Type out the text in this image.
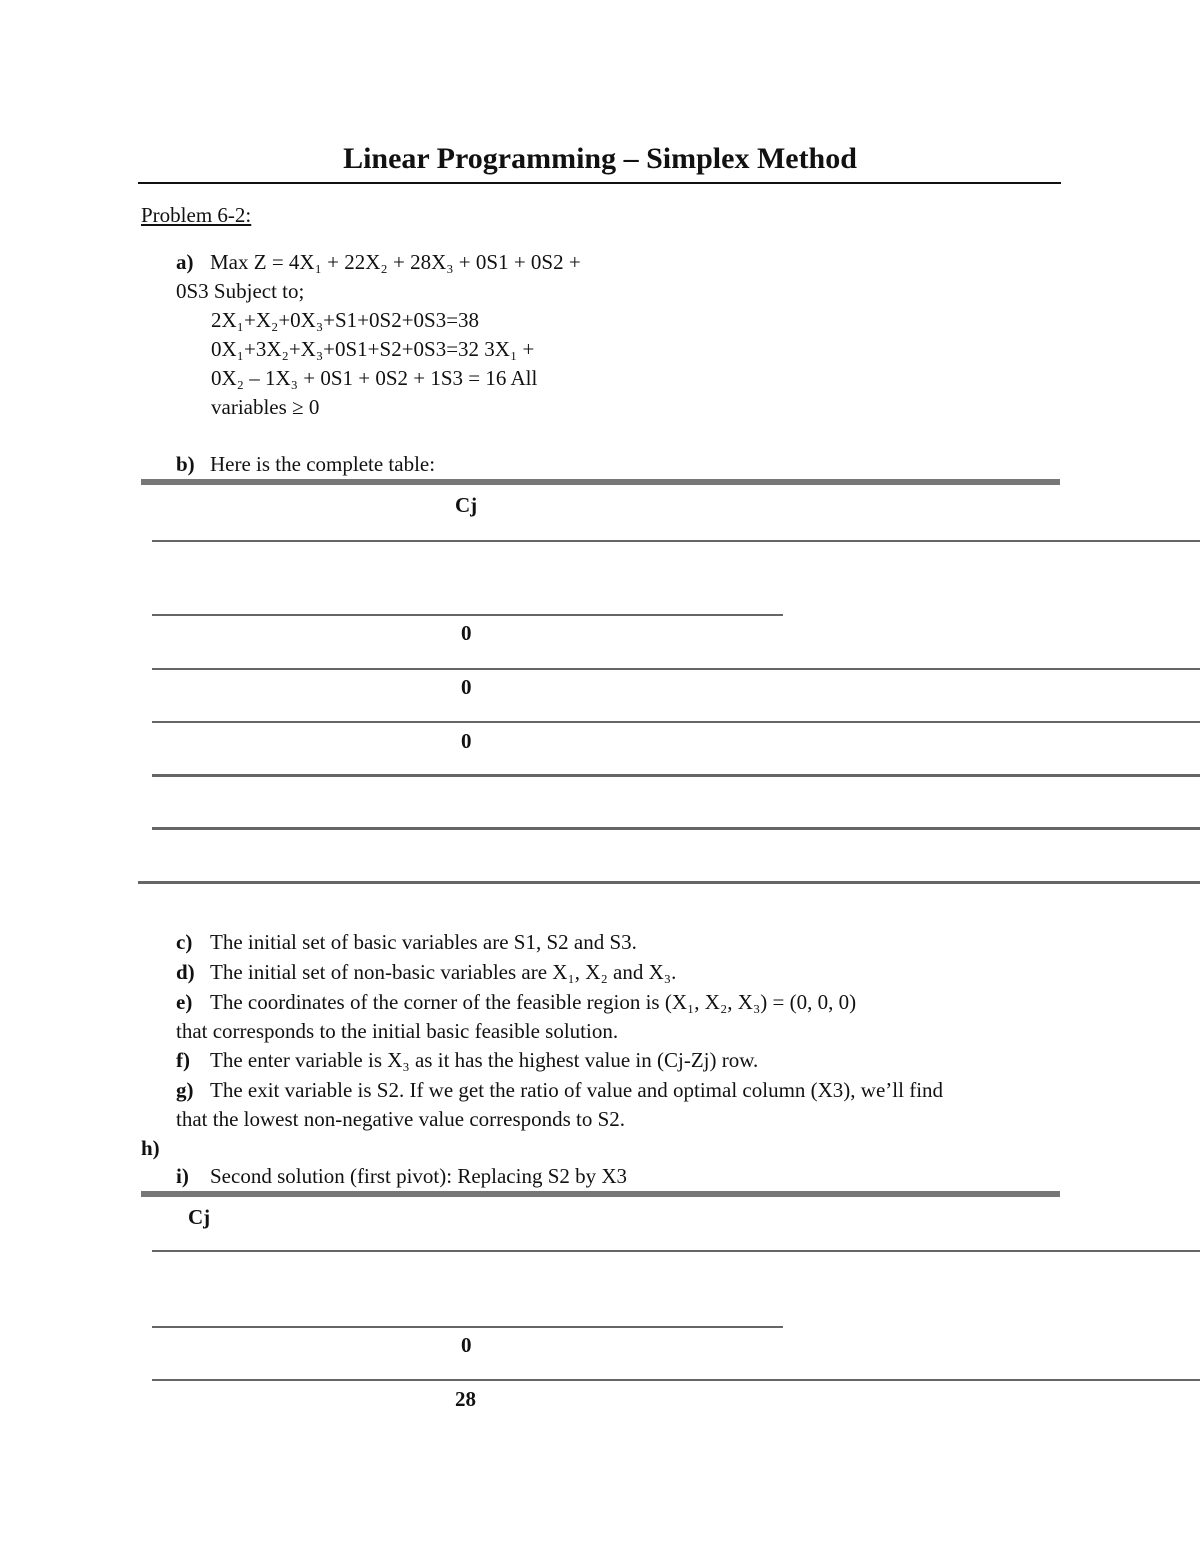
Linear Programming – Simplex Method
Problem 6-2:
a) Max Z = 4X₁ + 22X₂ + 28X₃ + 0S1 + 0S2 +
0S3 Subject to;
2X₁+X₂+0X₃+S1+0S2+0S3=38
0X₁+3X₂+X₃+0S1+S2+0S3=32 3X₁ +
0X₂ – 1X₃ + 0S1 + 0S2 + 1S3 = 16 All
variables ≥ 0
b) Here is the complete table:
Cj
0
0
0
c) The initial set of basic variables are S1, S2 and S3.
d) The initial set of non-basic variables are X₁, X₂ and X₃.
e) The coordinates of the corner of the feasible region is (X₁, X₂, X₃) = (0, 0, 0)
that corresponds to the initial basic feasible solution.
f) The enter variable is X₃ as it has the highest value in (Cj-Zj) row.
g) The exit variable is S2. If we get the ratio of value and optimal column (X3), we’ll find
that the lowest non-negative value corresponds to S2.
h)
i) Second solution (first pivot): Replacing S2 by X3
Cj
0
28
